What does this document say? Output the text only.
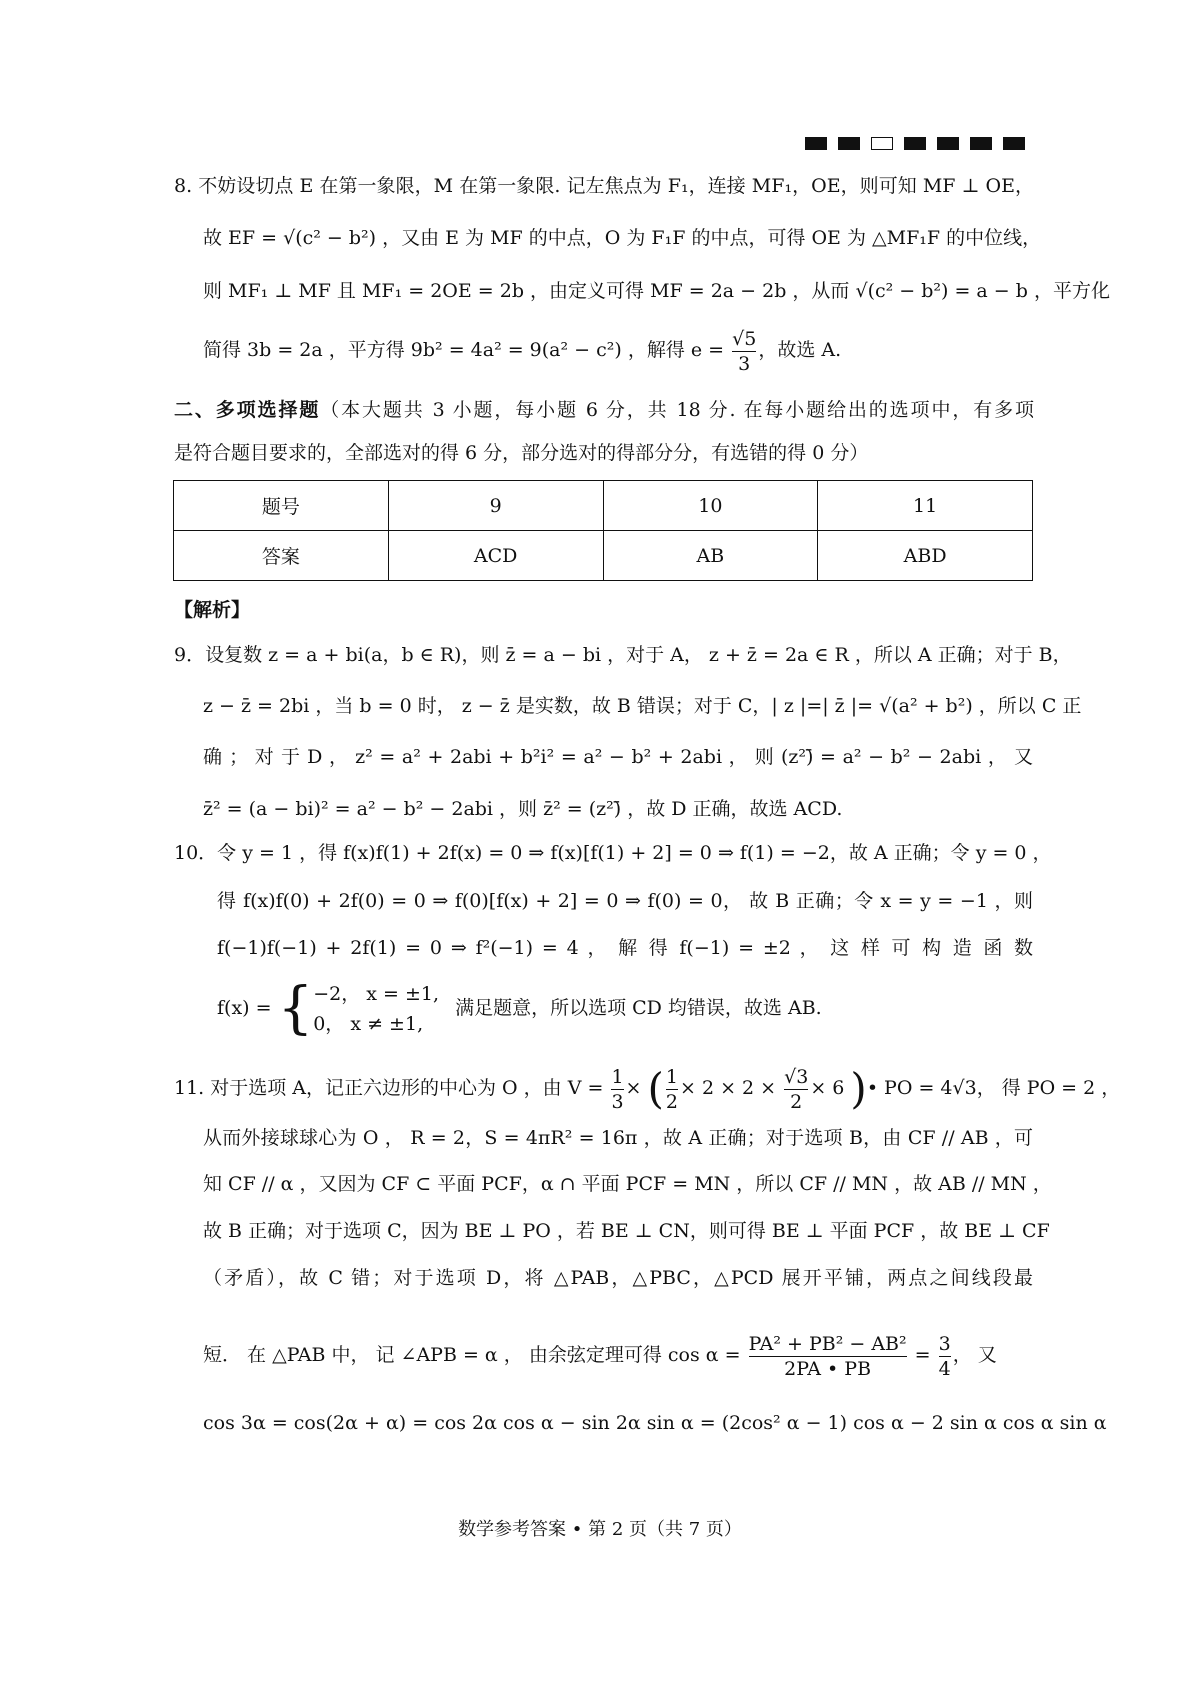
8. 不妨设切点 E 在第一象限，M 在第一象限. 记左焦点为 F₁，连接 MF₁，OE，则可知 MF ⊥ OE，
故 EF = √(c² − b²) ，又由 E 为 MF 的中点，O 为 F₁F 的中点，可得 OE 为 △MF₁F 的中位线，
则 MF₁ ⊥ MF 且 MF₁ = 2OE = 2b ，由定义可得 MF = 2a − 2b ，从而 √(c² − b²) = a − b ，平方化
简得 3b = 2a ，平方得 9b² = 4a² = 9(a² − c²) ，解得 $e = \frac{√5}{3}$ ，故选 A.
二、多项选择题（本大题共 3 小题，每小题 6 分，共 18 分. 在每小题给出的选项中，有多项
是符合题目要求的，全部选对的得 6 分，部分选对的得部分分，有选错的得 0 分）
题号	9	10	11
答案	ACD	AB	ABD
【解析】
9．设复数 z = a + bi(a，b ∈ R)，则 z̄ = a − bi ，对于 A， z + z̄ = 2a ∈ R ，所以 A 正确；对于 B，
z − z̄ = 2bi ，当 b = 0 时， z − z̄ 是实数，故 B 错误；对于 C，| z |=| z̄ |= √(a² + b²) ，所以 C 正
确 ； 对 于 D ， z² = a² + 2abi + b²i² = a² − b² + 2abi ， 则 (z²)̄ = a² − b² − 2abi ， 又
z̄² = (a − bi)² = a² − b² − 2abi ，则 z̄² = (z²)̄ ，故 D 正确，故选 ACD.
10．令 y = 1 ，得 f(x)f(1) + 2f(x) = 0 ⇒ f(x)[f(1) + 2] = 0 ⇒ f(1) = −2，故 A 正确；令 y = 0 ，
得 f(x)f(0) + 2f(0) = 0 ⇒ f(0)[f(x) + 2] = 0 ⇒ f(0) = 0， 故 B 正确；令 x = y = −1 ，则
f(−1)f(−1) + 2f(1) = 0 ⇒ f²(−1) = 4 ， 解 得 f(−1) = ±2 ， 这 样 可 构 造 函 数
f(x) = { −2， x = ±1,
0， x ≠ ±1,
满足题意，所以选项 CD 均错误，故选 AB.
11. 对于选项 A，记正六边形的中心为 O ，由 $V = \frac{1}{3}$ × ( $\frac{1}{2} \times 2 \times 2 \times \frac{√3}{2} \times 6$ )• PO = 4√3， 得 PO = 2 ，
从而外接球球心为 O ， R = 2，S = 4πR² = 16π ，故 A 正确；对于选项 B，由 CF // AB ，可
知 CF // α ，又因为 CF ⊂ 平面 PCF，α ∩ 平面 PCF = MN ，所以 CF // MN ，故 AB // MN ，
故 B 正确；对于选项 C，因为 BE ⊥ PO ，若 BE ⊥ CN，则可得 BE ⊥ 平面 PCF ，故 BE ⊥ CF
（矛盾），故 C 错；对于选项 D，将 △PAB，△PBC，△PCD 展开平铺，两点之间线段最
短． 在 △PAB 中， 记 ∠APB = α ， 由余弦定理可得 $\cos \alpha = \frac{\text{PA² + PB² − AB²}}{2PA • PB} = \frac{3}{4}$ ， 又
cos 3α = cos(2α + α) = cos 2α cos α − sin 2α sin α = (2cos² α − 1) cos α − 2 sin α cos α sin α
数学参考答案 • 第 2 页（共 7 页）
